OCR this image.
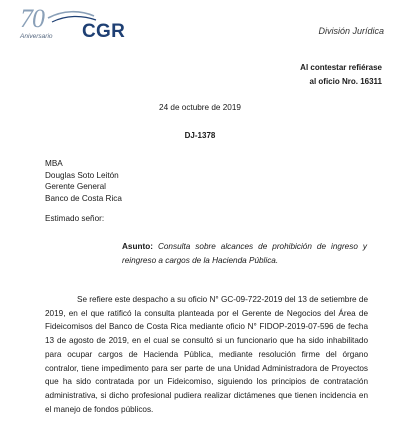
70
Aniversario CGR	División Jurídica
Al contestar refiérase
al oficio Nro. 16311
24 de octubre de 2019
DJ-1378
MBA
Douglas Soto Leitón
Gerente General
Banco de Costa Rica
Estimado señor:
Asunto: Consulta sobre alcances de prohibición de ingreso y reingreso a cargos de la Hacienda Pública.
Se refiere este despacho a su oficio N° GC-09-722-2019 del 13 de setiembre de 2019, en el que ratificó la consulta planteada por el Gerente de Negocios del Área de Fideicomisos del Banco de Costa Rica mediante oficio N° FIDOP-2019-07-596 de fecha 13 de agosto de 2019, en el cual se consultó si un funcionario que ha sido inhabilitado para ocupar cargos de Hacienda Pública, mediante resolución firme del órgano contralor, tiene impedimento para ser parte de una Unidad Administradora de Proyectos que ha sido contratada por un Fideicomiso, siguiendo los principios de contratación administrativa, si dicho profesional pudiera realizar dictámenes que tienen incidencia en el manejo de fondos públicos.
